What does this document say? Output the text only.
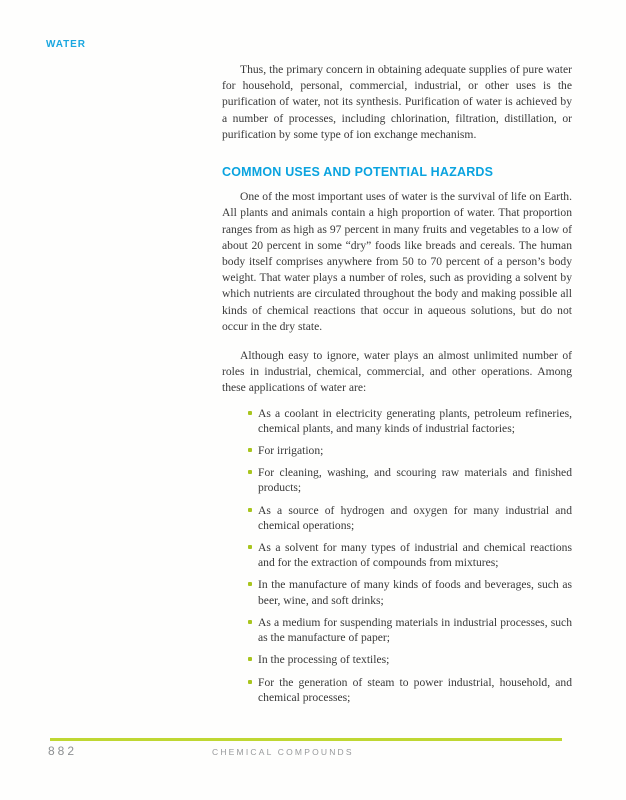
WATER

Thus, the primary concern in obtaining adequate supplies of pure water for household, personal, commercial, industrial, or other uses is the purification of water, not its synthesis. Purification of water is achieved by a number of processes, including chlorination, filtration, distillation, or purification by some type of ion exchange mechanism.

COMMON USES AND POTENTIAL HAZARDS

One of the most important uses of water is the survival of life on Earth. All plants and animals contain a high proportion of water. That proportion ranges from as high as 97 percent in many fruits and vegetables to a low of about 20 percent in some “dry” foods like breads and cereals. The human body itself comprises anywhere from 50 to 70 percent of a person’s body weight. That water plays a number of roles, such as providing a solvent by which nutrients are circulated throughout the body and making possible all kinds of chemical reactions that occur in aqueous solutions, but do not occur in the dry state.

Although easy to ignore, water plays an almost unlimited number of roles in industrial, chemical, commercial, and other operations. Among these applications of water are:

As a coolant in electricity generating plants, petroleum refineries, chemical plants, and many kinds of industrial factories;
For irrigation;
For cleaning, washing, and scouring raw materials and finished products;
As a source of hydrogen and oxygen for many industrial and chemical operations;
As a solvent for many types of industrial and chemical reactions and for the extraction of compounds from mixtures;
In the manufacture of many kinds of foods and beverages, such as beer, wine, and soft drinks;
As a medium for suspending materials in industrial processes, such as the manufacture of paper;
In the processing of textiles;
For the generation of steam to power industrial, household, and chemical processes;
882	CHEMICAL COMPOUNDS
